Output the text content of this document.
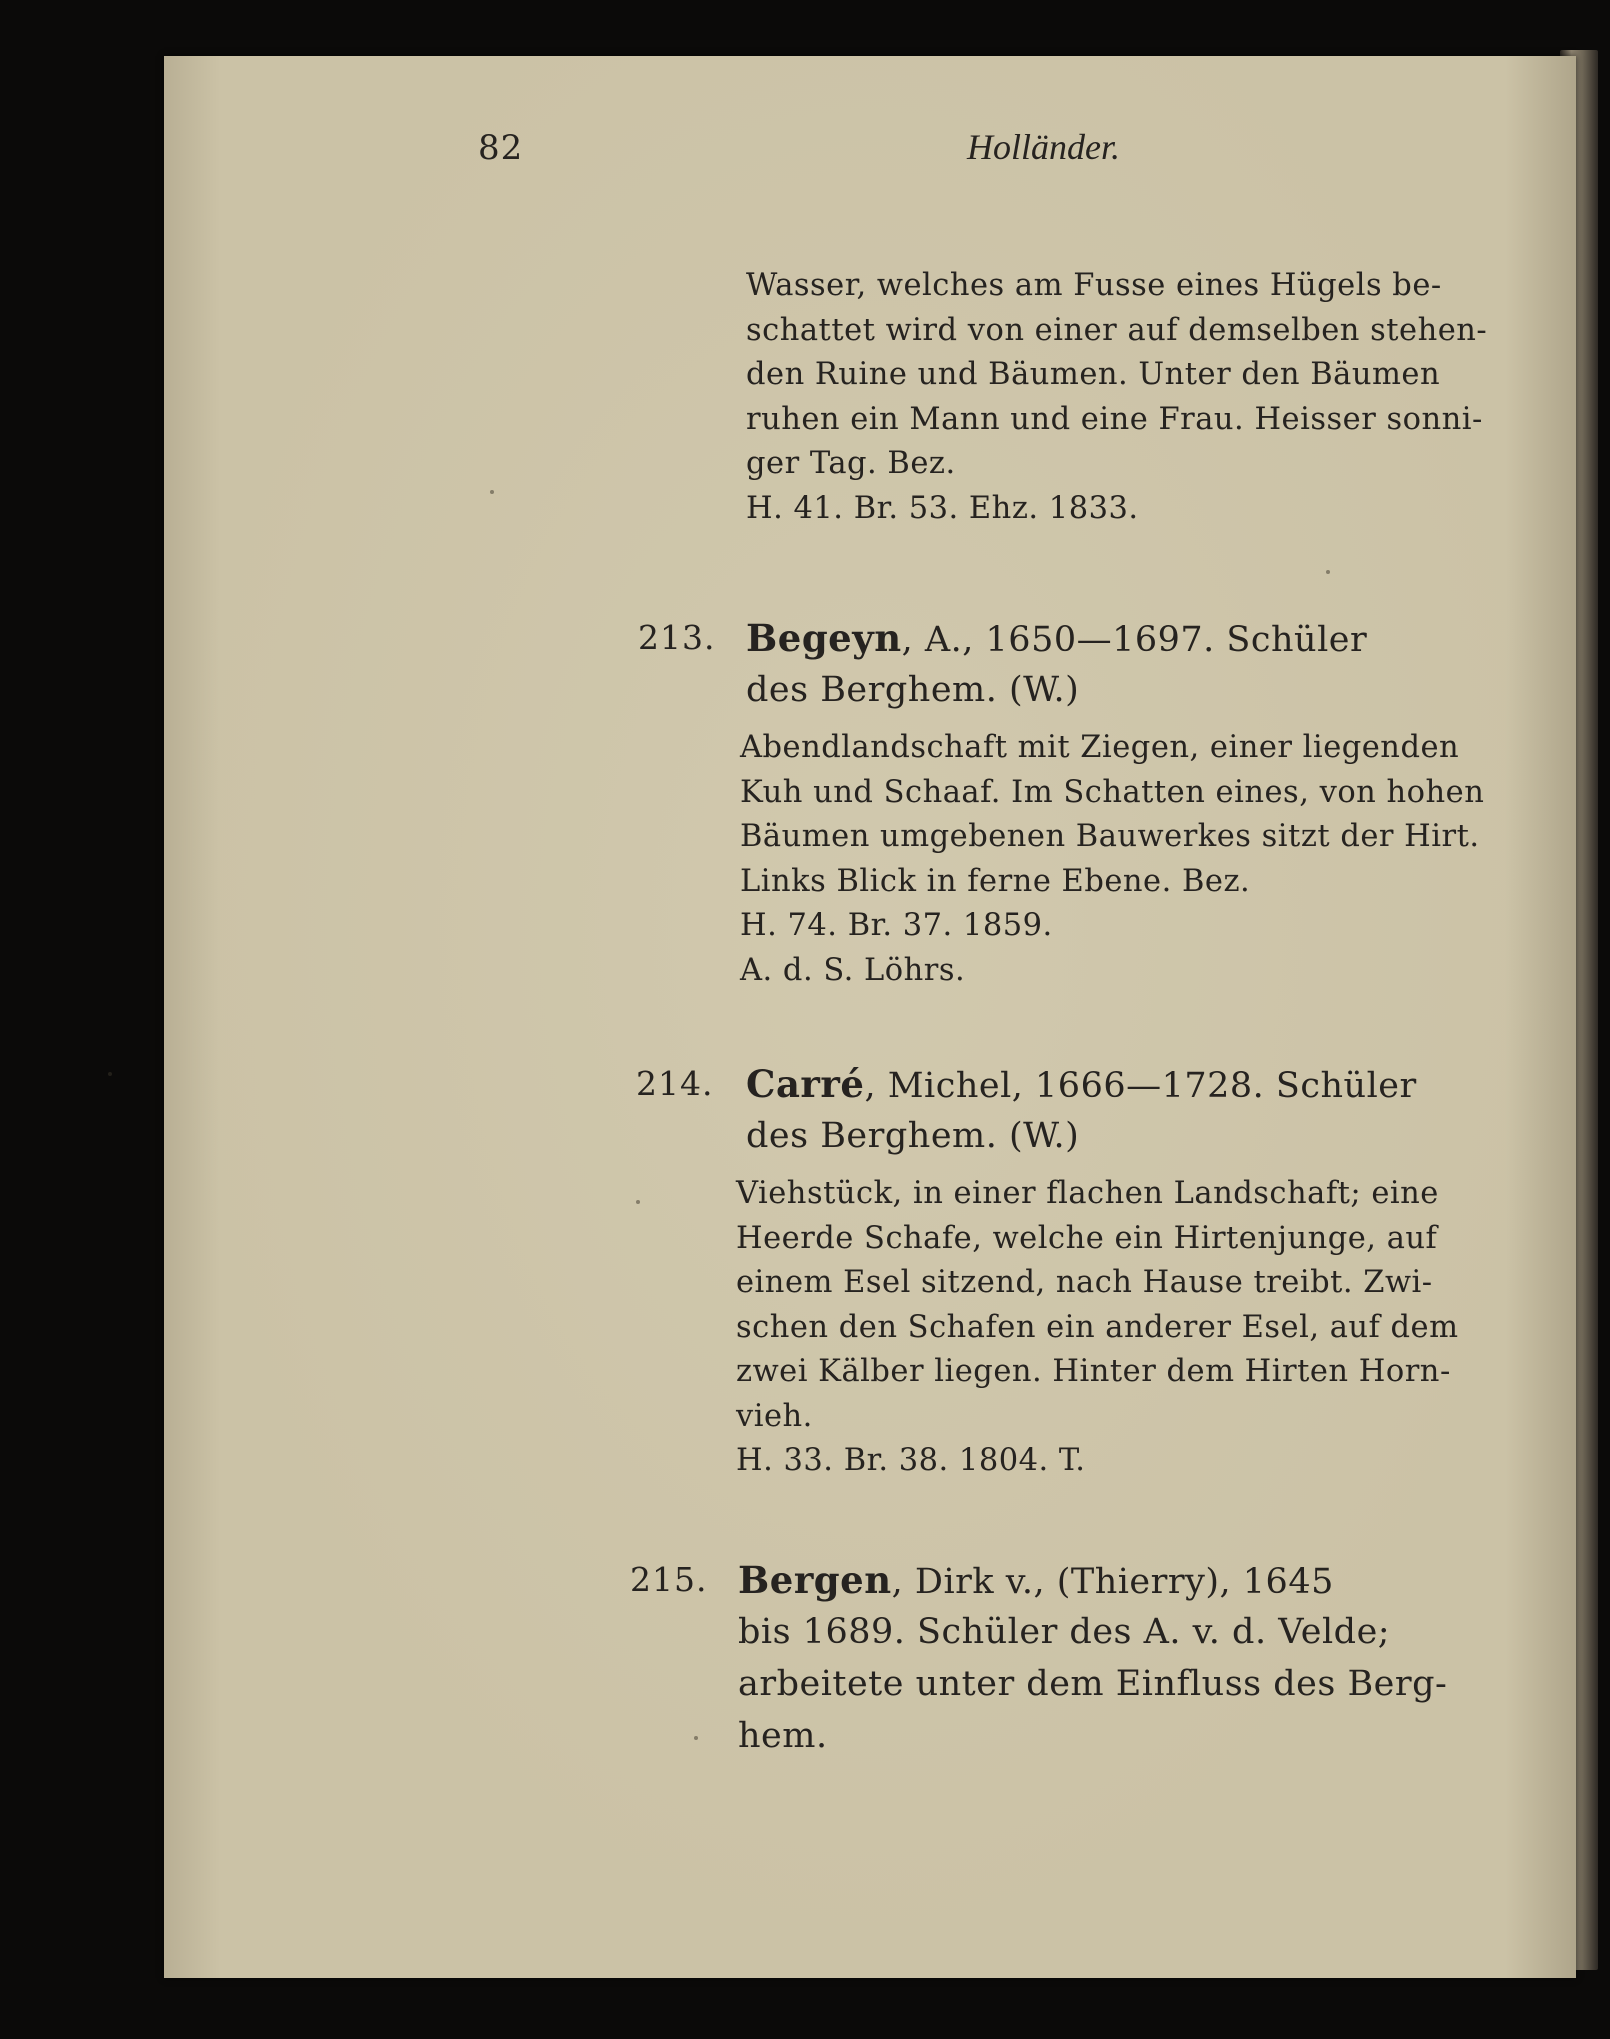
82	Holländer.
Wasser, welches am Fusse eines Hügels be-
schattet wird von einer auf demselben stehen-
den Ruine und Bäumen. Unter den Bäumen
ruhen ein Mann und eine Frau. Heisser sonni-
ger Tag. Bez.
H. 41. Br. 53. Ehz. 1833.
213. Begeyn, A., 1650—1697. Schüler
des Berghem. (W.)
Abendlandschaft mit Ziegen, einer liegenden
Kuh und Schaaf. Im Schatten eines, von hohen
Bäumen umgebenen Bauwerkes sitzt der Hirt.
Links Blick in ferne Ebene. Bez.
H. 74. Br. 37. 1859.
A. d. S. Löhrs.
214. Carré, Michel, 1666—1728. Schüler
des Berghem. (W.)
Viehstück, in einer flachen Landschaft; eine
Heerde Schafe, welche ein Hirtenjunge, auf
einem Esel sitzend, nach Hause treibt. Zwi-
schen den Schafen ein anderer Esel, auf dem
zwei Kälber liegen. Hinter dem Hirten Horn-
vieh.
H. 33. Br. 38. 1804. T.
215. Bergen, Dirk v., (Thierry), 1645
bis 1689. Schüler des A. v. d. Velde;
arbeitete unter dem Einfluss des Berg-
hem.
